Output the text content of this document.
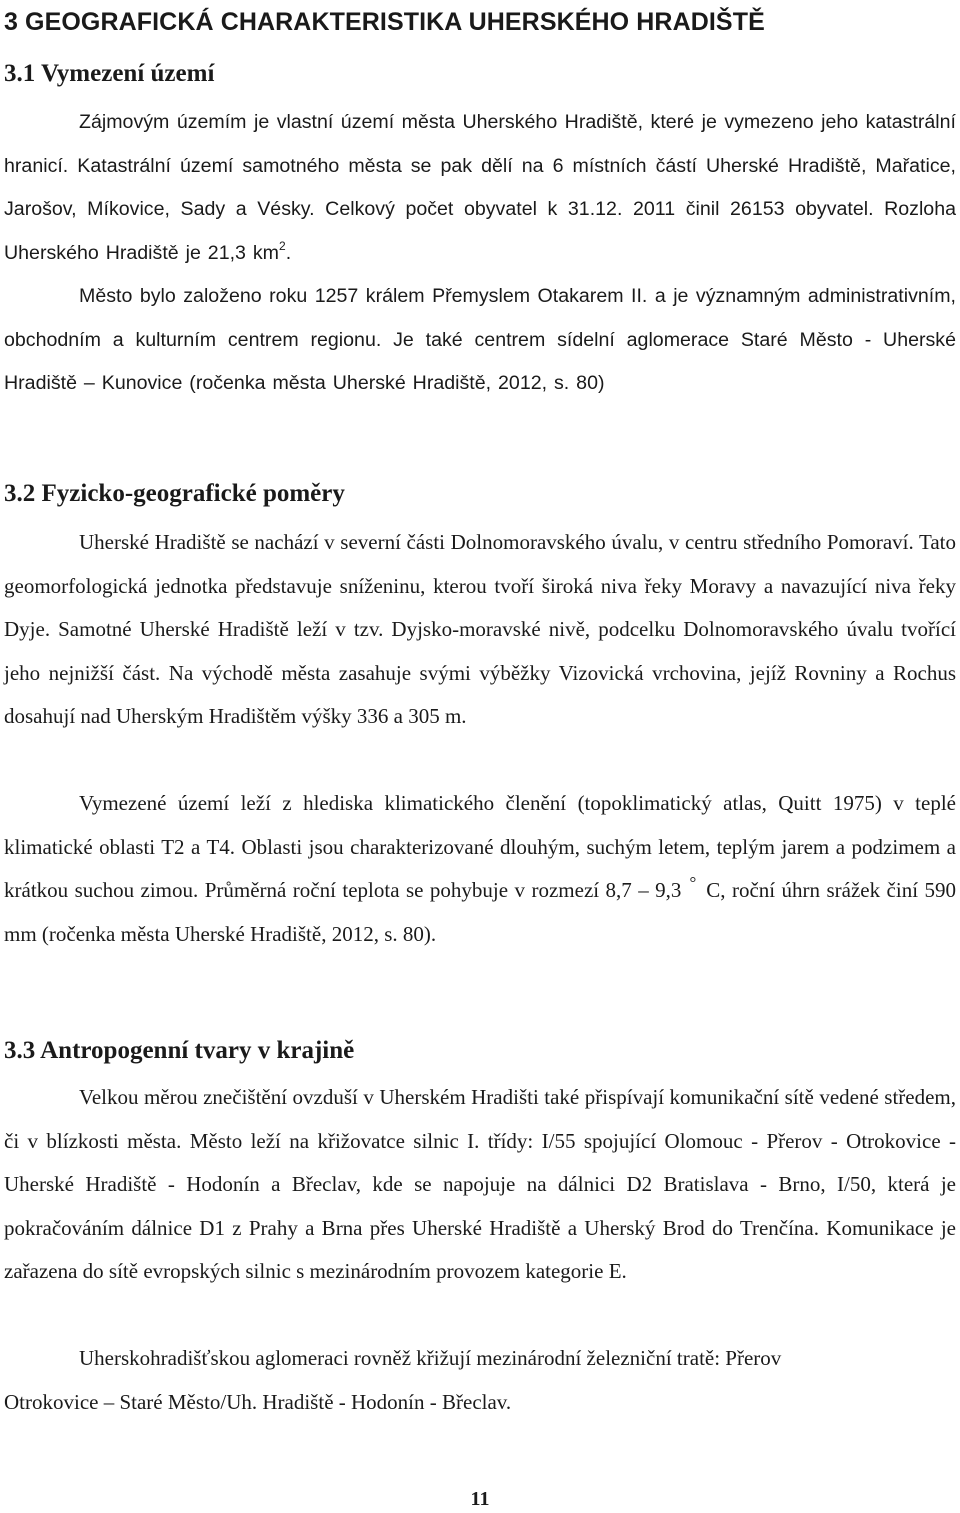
3 GEOGRAFICKÁ CHARAKTERISTIKA UHERSKÉHO HRADIŠTĚ
3.1 Vymezení území

Zájmovým územím je vlastní území města Uherského Hradiště, které je vymezeno jeho katastrální hranicí. Katastrální území samotného města se pak dělí na 6 místních částí Uherské Hradiště, Mařatice, Jarošov, Míkovice, Sady a Vésky. Celkový počet obyvatel k 31.12. 2011 činil 26153 obyvatel. Rozloha Uherského Hradiště je 21,3 $km^2$.

Město bylo založeno roku 1257 králem Přemyslem Otakarem II. a je významným administrativním, obchodním a kulturním centrem regionu. Je také centrem sídelní aglomerace Staré Město - Uherské Hradiště – Kunovice (ročenka města Uherské Hradiště, 2012, s. 80)

3.2 Fyzicko-geografické poměry

Uherské Hradiště se nachází v severní části Dolnomoravského úvalu, v centru středního Pomoraví. Tato geomorfologická jednotka představuje sníženinu, kterou tvoří široká niva řeky Moravy a navazující niva řeky Dyje. Samotné Uherské Hradiště leží v tzv. Dyjsko-moravské nivě, podcelku Dolnomoravského úvalu tvořící jeho nejnižší část. Na východě města zasahuje svými výběžky Vizovická vrchovina, jejíž Rovniny a Rochus dosahují nad Uherským Hradištěm výšky 336 a 305 m.

Vymezené území leží z hlediska klimatického členění (topoklimatický atlas, Quitt 1975) v teplé klimatické oblasti T2 a T4. Oblasti jsou charakterizované dlouhým, suchým letem, teplým jarem a podzimem a krátkou suchou zimou. Průměrná roční teplota se pohybuje v rozmezí 8,7 – 9,3 ° C, roční úhrn srážek činí 590 mm (ročenka města Uherské Hradiště, 2012, s. 80).

3.3 Antropogenní tvary v krajině

Velkou měrou znečištění ovzduší v Uherském Hradišti také přispívají komunikační sítě vedené středem, či v blízkosti města. Město leží na křižovatce silnic I. třídy: I/55 spojující Olomouc - Přerov - Otrokovice - Uherské Hradiště - Hodonín a Břeclav, kde se napojuje na dálnici D2 Bratislava - Brno, I/50, která je pokračováním dálnice D1 z Prahy a Brna přes Uherské Hradiště a Uherský Brod do Trenčína. Komunikace je zařazena do sítě evropských silnic s mezinárodním provozem kategorie E.

Uherskohradišťskou aglomeraci rovněž křižují mezinárodní železniční tratě: Přerov

Otrokovice – Staré Město/Uh. Hradiště - Hodonín - Břeclav.

11
